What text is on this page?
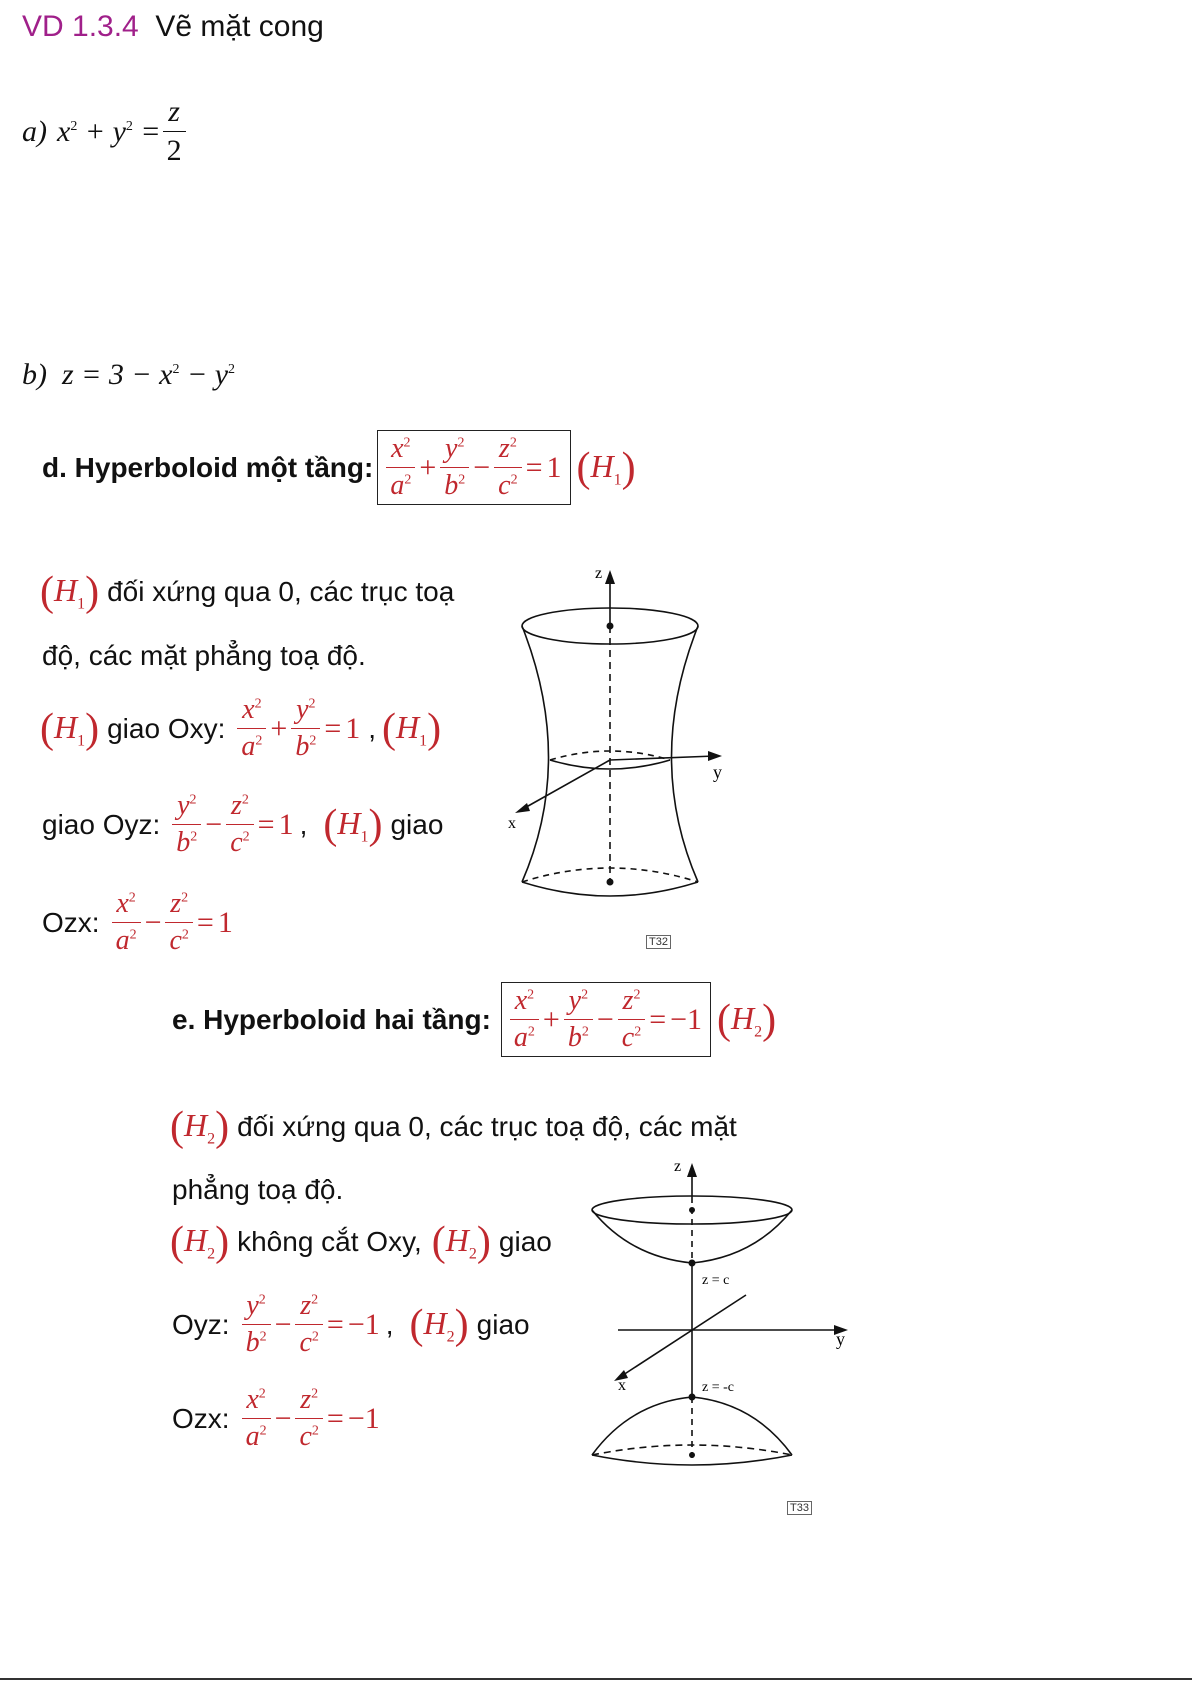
VD 1.3.4 Vẽ mặt cong
a) $x^2 + y^2 = \frac{z}{2}$
b)  $z = 3 - x^2 - y^2$
d. Hyperboloid một tầng: $\frac{x^2}{a^2} + \frac{y^2}{b^2} - \frac{z^2}{c^2} = 1$ $(H_1)$
$(H_1)$ đối xứng qua 0, các trục toạ
độ, các mặt phẳng toạ độ.
$(H_1)$ giao Oxy: $\frac{x^2}{a^2} + \frac{y^2}{b^2} = 1$ , $(H_1)$
giao Oyz: $\frac{y^2}{b^2} - \frac{z^2}{c^2} = 1$ , $(H_1)$ giao
Ozx: $\frac{x^2}{a^2} - \frac{z^2}{c^2} = 1$
z
y
x
T32
e. Hyperboloid hai tầng: $\frac{x^2}{a^2} + \frac{y^2}{b^2} - \frac{z^2}{c^2} = -1$ $(H_2)$
$(H_2)$ đối xứng qua 0, các trục toạ độ, các mặt
phẳng toạ độ.
$(H_2)$ không cắt Oxy, $(H_2)$ giao
Oyz: $\frac{y^2}{b^2} - \frac{z^2}{c^2} = -1$ , $(H_2)$ giao
Ozx: $\frac{x^2}{a^2} - \frac{z^2}{c^2} = -1$
z
y
x
z = c
z = -c
T33
